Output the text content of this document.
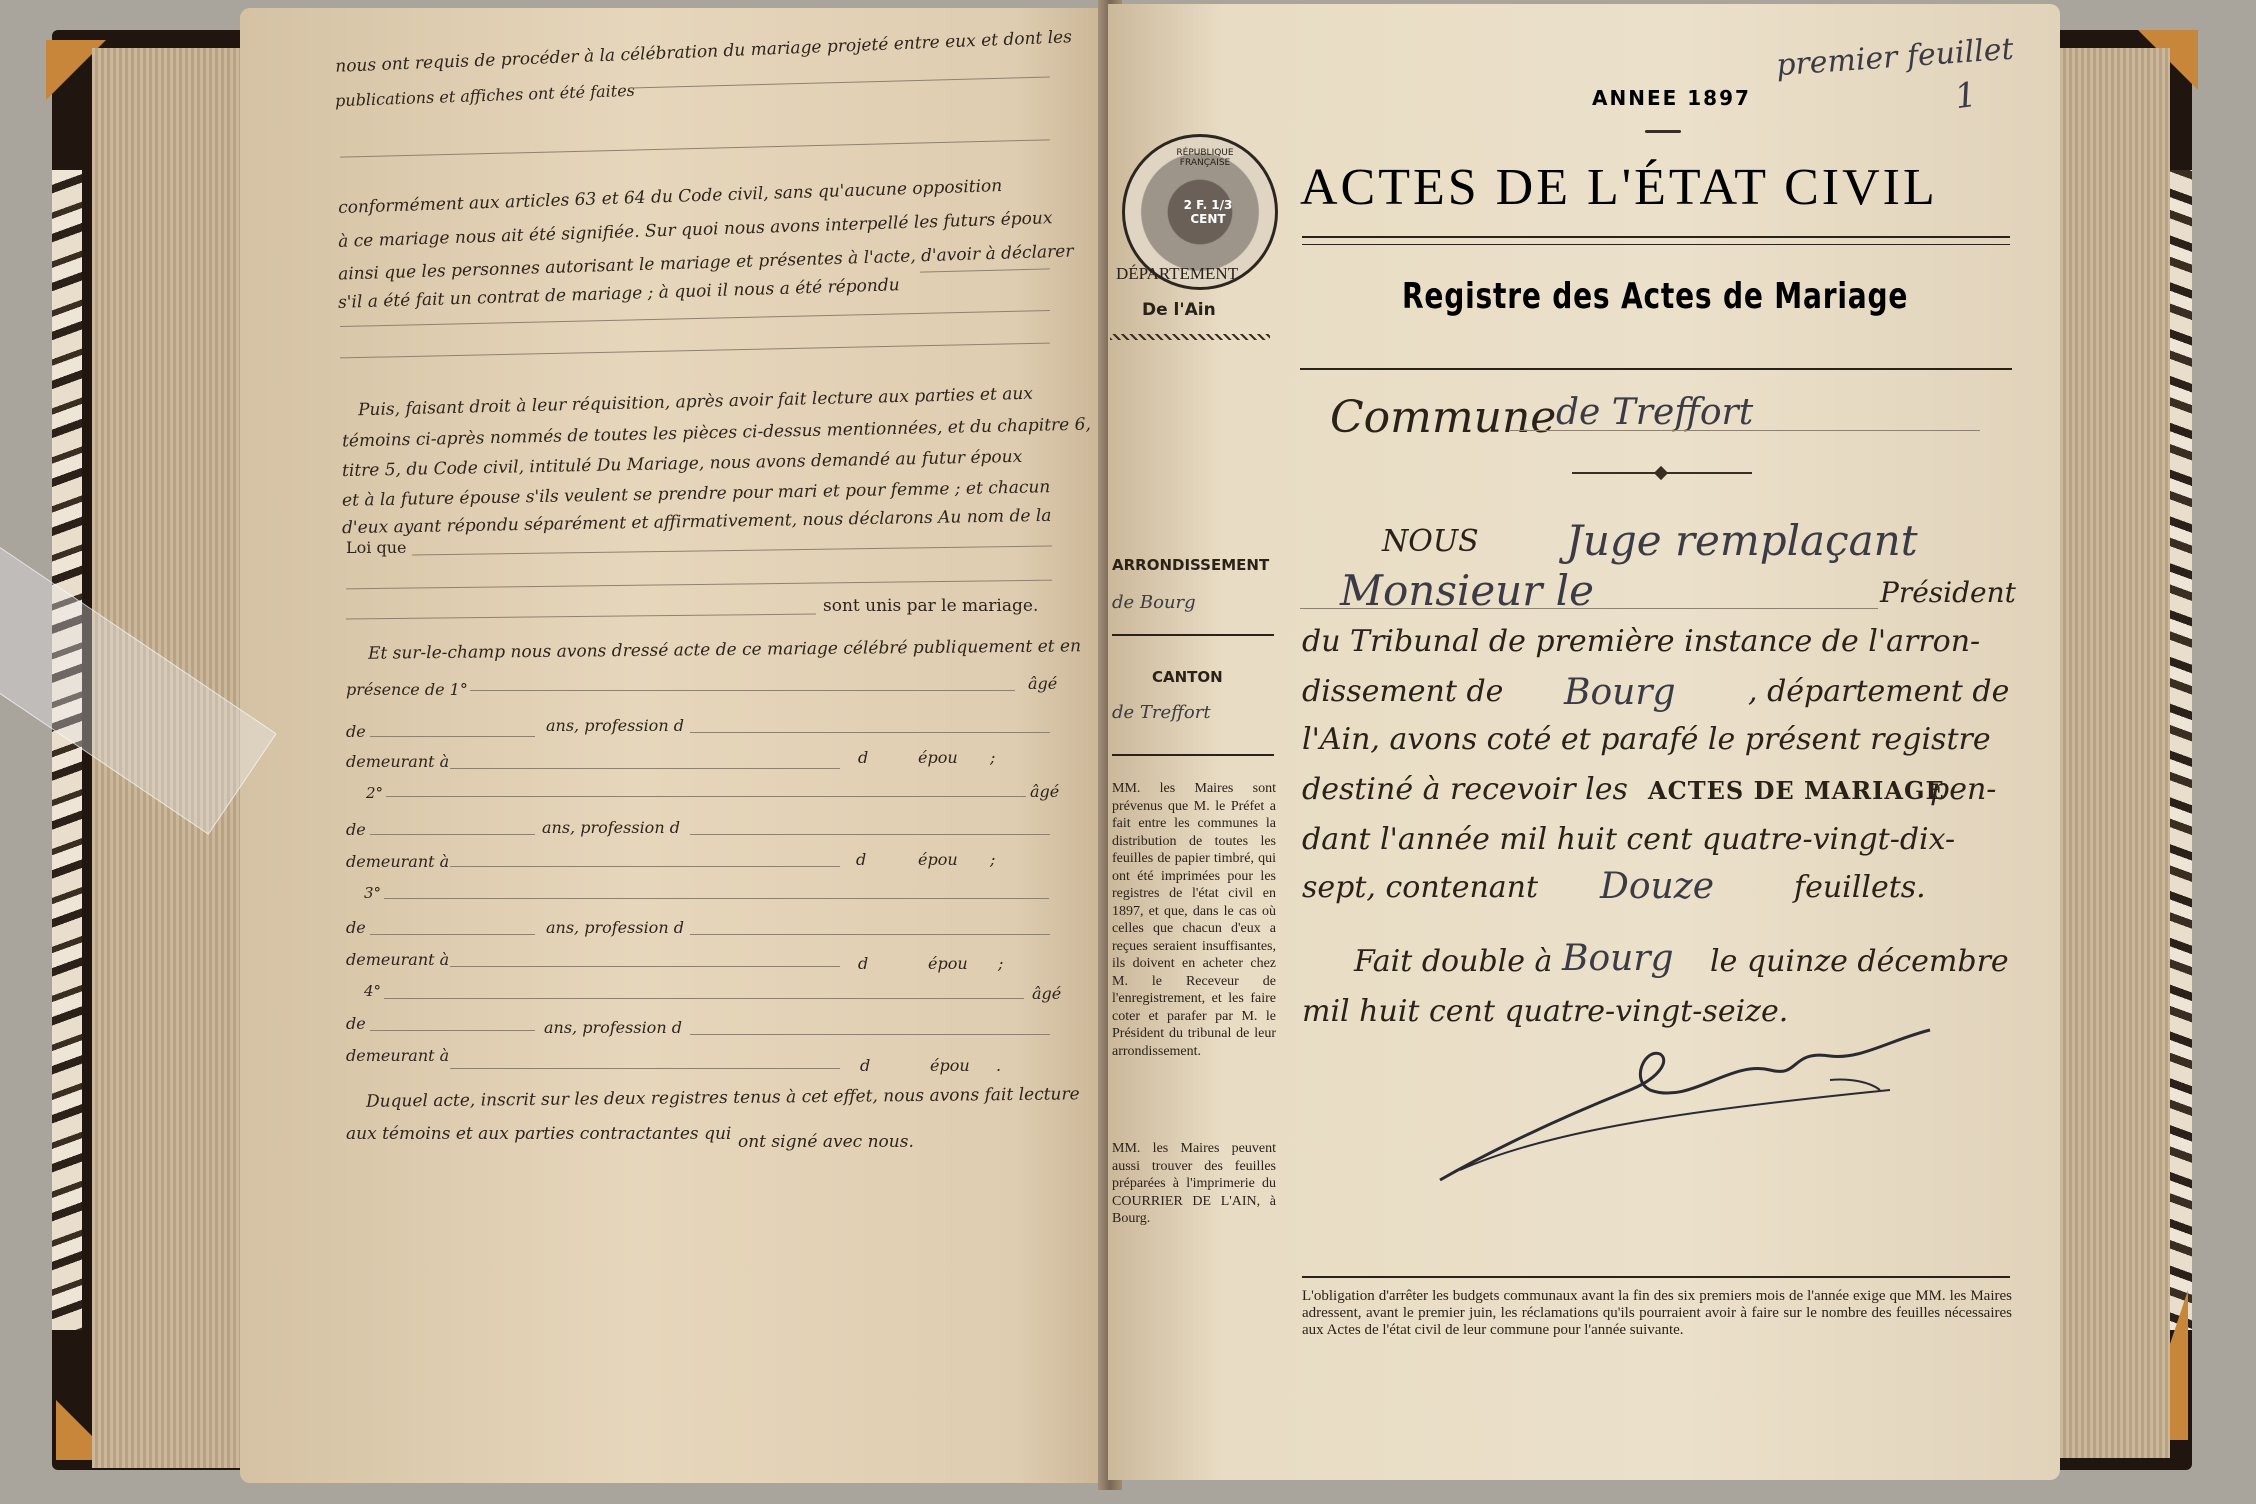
nous ont requis de procéder à la célébration du mariage projeté entre eux et dont les
publications et affiches ont été faites
conformément aux articles 63 et 64 du Code civil, sans qu'aucune opposition
à ce mariage nous ait été signifiée. Sur quoi nous avons interpellé les futurs époux
ainsi que les personnes autorisant le mariage et présentes à l'acte, d'avoir à déclarer
s'il a été fait un contrat de mariage ; à quoi il nous a été répondu
Puis, faisant droit à leur réquisition, après avoir fait lecture aux parties et aux
témoins ci-après nommés de toutes les pièces ci-dessus mentionnées, et du chapitre 6,
titre 5, du Code civil, intitulé Du Mariage, nous avons demandé au futur époux
et à la future épouse s'ils veulent se prendre pour mari et pour femme ; et chacun
d'eux ayant répondu séparément et affirmativement, nous déclarons Au nom de la
Loi que
sont unis par le mariage.
Et sur-le-champ nous avons dressé acte de ce mariage célébré publiquement et en
présence de 1°	âgé
de	ans, profession d
demeurant à	d	épou ;
2°	âgé
de	ans, profession d
demeurant à	d	épou ;
3°
de	ans, profession d
demeurant à	d	épou ;
4°	âgé
de	ans, profession d
demeurant à
d	épou .
Duquel acte, inscrit sur les deux registres tenus à cet effet, nous avons fait lecture
aux témoins et aux parties contractantes qui ont signé avec nous.
premier feuillet
1
ANNEE 1897
RÉPUBLIQUE FRANÇAISE
2 F. 1/3 CENT
DÉPARTEMENT
De l'Ain
ACTES DE L'ÉTAT CIVIL
Registre des Actes de Mariage
Commune de Treffort
ARRONDISSEMENT
de Bourg
CANTON
de Treffort
MM. les Maires sont prévenus que M. le Préfet a fait entre les communes la distribution de toutes les feuilles de papier timbré, qui ont été imprimées pour les registres de l'état civil en 1897, et que, dans le cas où celles que chacun d'eux a reçues seraient insuffisantes, ils doivent en acheter chez M. le Receveur de l'enregistrement, et les faire coter et parafer par M. le Président du tribunal de leur arrondissement.
MM. les Maires peuvent aussi trouver des feuilles préparées à l'imprimerie du COURRIER DE L'AIN, à Bourg.
NOUS Juge remplaçant
Monsieur le	Président
du Tribunal de première instance de l'arron-
dissement de Bourg , département de
l'Ain, avons coté et parafé le présent registre
destiné à recevoir les ACTES DE MARIAGE
pen-
dant l'année mil huit cent quatre-vingt-dix-
sept, contenant Douze	feuillets.
Fait double à Bourg le quinze décembre
mil huit cent quatre-vingt-seize.
L'obligation d'arrêter les budgets communaux avant la fin des six premiers mois de l'année exige que MM. les Maires adressent, avant le premier juin, les réclamations qu'ils pourraient avoir à faire sur le nombre des feuilles nécessaires aux Actes de l'état civil de leur commune pour l'année suivante.
